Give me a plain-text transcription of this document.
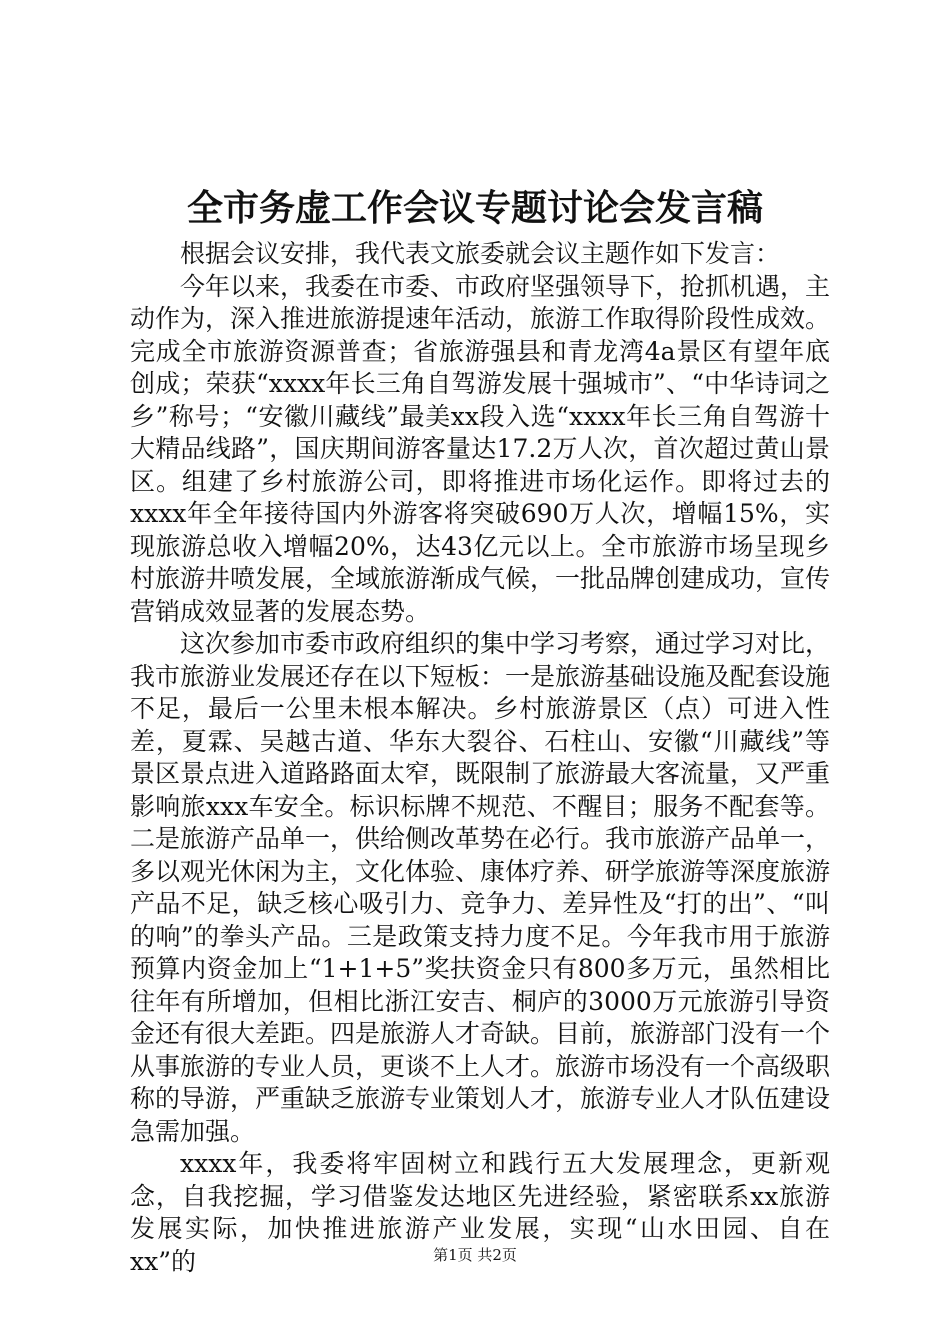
全市务虚工作会议专题讨论会发言稿

根据会议安排，我代表文旅委就会议主题作如下发言：

今年以来，我委在市委、市政府坚强领导下，抢抓机遇，主动作为，深入推进旅游提速年活动，旅游工作取得阶段性成效。完成全市旅游资源普查；省旅游强县和青龙湾4a景区有望年底创成；荣获“xxxx年长三角自驾游发展十强城市”、“中华诗词之乡”称号；“安徽川藏线”最美xx段入选“xxxx年长三角自驾游十大精品线路”，国庆期间游客量达17.2万人次，首次超过黄山景区。组建了乡村旅游公司，即将推进市场化运作。即将过去的xxxx年全年接待国内外游客将突破690万人次，增幅15%，实现旅游总收入增幅20%，达43亿元以上。全市旅游市场呈现乡村旅游井喷发展，全域旅游渐成气候，一批品牌创建成功，宣传营销成效显著的发展态势。

这次参加市委市政府组织的集中学习考察，通过学习对比，我市旅游业发展还存在以下短板：一是旅游基础设施及配套设施不足，最后一公里未根本解决。乡村旅游景区（点）可进入性差，夏霖、吴越古道、华东大裂谷、石柱山、安徽“川藏线”等景区景点进入道路路面太窄，既限制了旅游最大客流量，又严重影响旅xxx车安全。标识标牌不规范、不醒目；服务不配套等。二是旅游产品单一，供给侧改革势在必行。我市旅游产品单一，多以观光休闲为主，文化体验、康体疗养、研学旅游等深度旅游产品不足，缺乏核心吸引力、竞争力、差异性及“打的出”、“叫的响”的拳头产品。三是政策支持力度不足。今年我市用于旅游预算内资金加上“1+1+5”奖扶资金只有800多万元，虽然相比往年有所增加，但相比浙江安吉、桐庐的3000万元旅游引导资金还有很大差距。四是旅游人才奇缺。目前，旅游部门没有一个从事旅游的专业人员，更谈不上人才。旅游市场没有一个高级职称的导游，严重缺乏旅游专业策划人才，旅游专业人才队伍建设急需加强。

xxxx年，我委将牢固树立和践行五大发展理念，更新观念，自我挖掘，学习借鉴发达地区先进经验，紧密联系xx旅游发展实际，加快推进旅游产业发展，实现“山水田园、自在xx”的	第1页 共2页
